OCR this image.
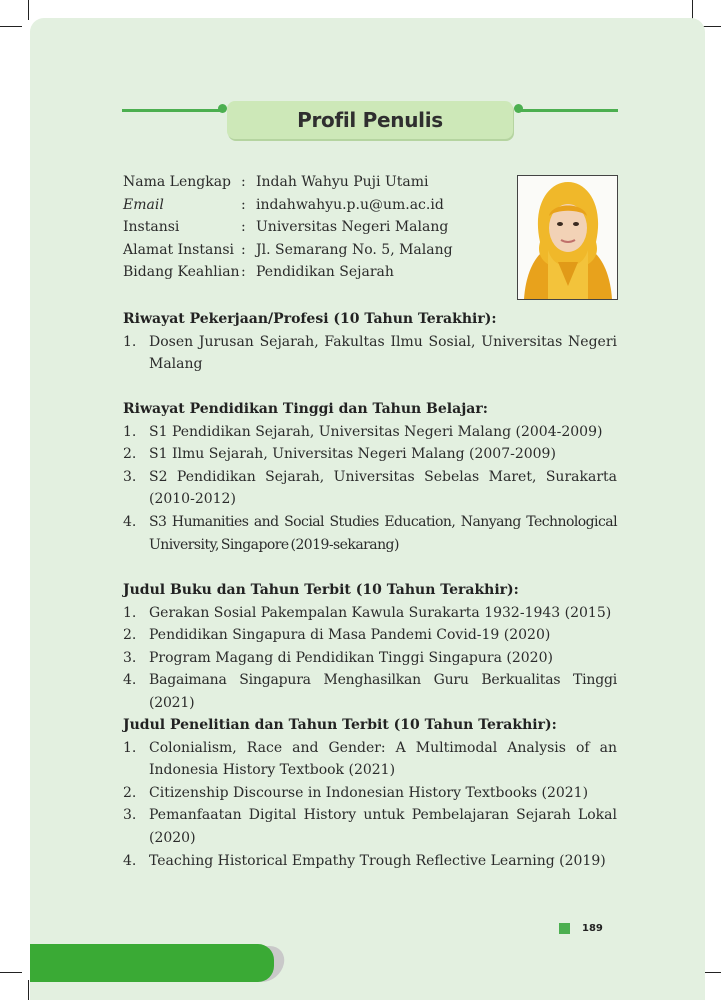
Profil Penulis
Nama Lengkap : Indah Wahyu Puji Utami
Email	: indahwahyu.p.u@um.ac.id
Instansi	: Universitas Negeri Malang
Alamat Instansi : Jl. Semarang No. 5, Malang
Bidang Keahlian : Pendidikan Sejarah
Riwayat Pekerjaan/Profesi (10 Tahun Terakhir):
1. Dosen Jurusan Sejarah, Fakultas Ilmu Sosial, Universitas Negeri Malang
Riwayat Pendidikan Tinggi dan Tahun Belajar:
1. S1 Pendidikan Sejarah, Universitas Negeri Malang (2004-2009)
2. S1 Ilmu Sejarah, Universitas Negeri Malang (2007-2009)
3. S2 Pendidikan Sejarah, Universitas Sebelas Maret, Surakarta (2010-2012)
4. S3 Humanities and Social Studies Education, Nanyang Technological University, Singapore (2019-sekarang)
Judul Buku dan Tahun Terbit (10 Tahun Terakhir):
1. Gerakan Sosial Pakempalan Kawula Surakarta 1932-1943 (2015)
2. Pendidikan Singapura di Masa Pandemi Covid-19 (2020)
3. Program Magang di Pendidikan Tinggi Singapura (2020)
4. Bagaimana Singapura Menghasilkan Guru Berkualitas Tinggi (2021)
Judul Penelitian dan Tahun Terbit (10 Tahun Terakhir):
1. Colonialism, Race and Gender: A Multimodal Analysis of an Indonesia History Textbook (2021)
2. Citizenship Discourse in Indonesian History Textbooks (2021)
3. Pemanfaatan Digital History untuk Pembelajaran Sejarah Lokal (2020)
4. Teaching Historical Empathy Trough Reflective Learning (2019)
189
